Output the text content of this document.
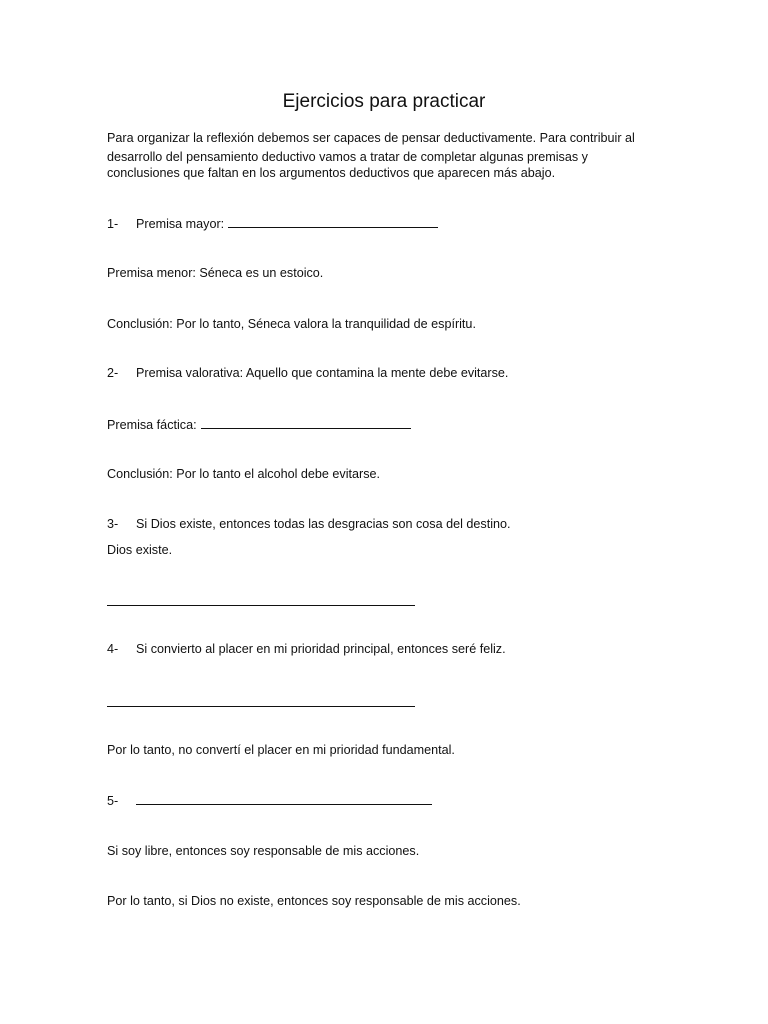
Ejercicios para practicar
Para organizar la reflexión debemos ser capaces de pensar deductivamente. Para contribuir al
desarrollo del pensamiento deductivo vamos a tratar de completar algunas premisas y
conclusiones que faltan en los argumentos deductivos que aparecen más abajo.
1- Premisa mayor:
Premisa menor: Séneca es un estoico.
Conclusión: Por lo tanto, Séneca valora la tranquilidad de espíritu.
2- Premisa valorativa: Aquello que contamina la mente debe evitarse.
Premisa fáctica:
Conclusión: Por lo tanto el alcohol debe evitarse.
3- Si Dios existe, entonces todas las desgracias son cosa del destino.
Dios existe.
4- Si convierto al placer en mi prioridad principal, entonces seré feliz.
Por lo tanto, no convertí el placer en mi prioridad fundamental.
5-
Si soy libre, entonces soy responsable de mis acciones.
Por lo tanto, si Dios no existe, entonces soy responsable de mis acciones.
